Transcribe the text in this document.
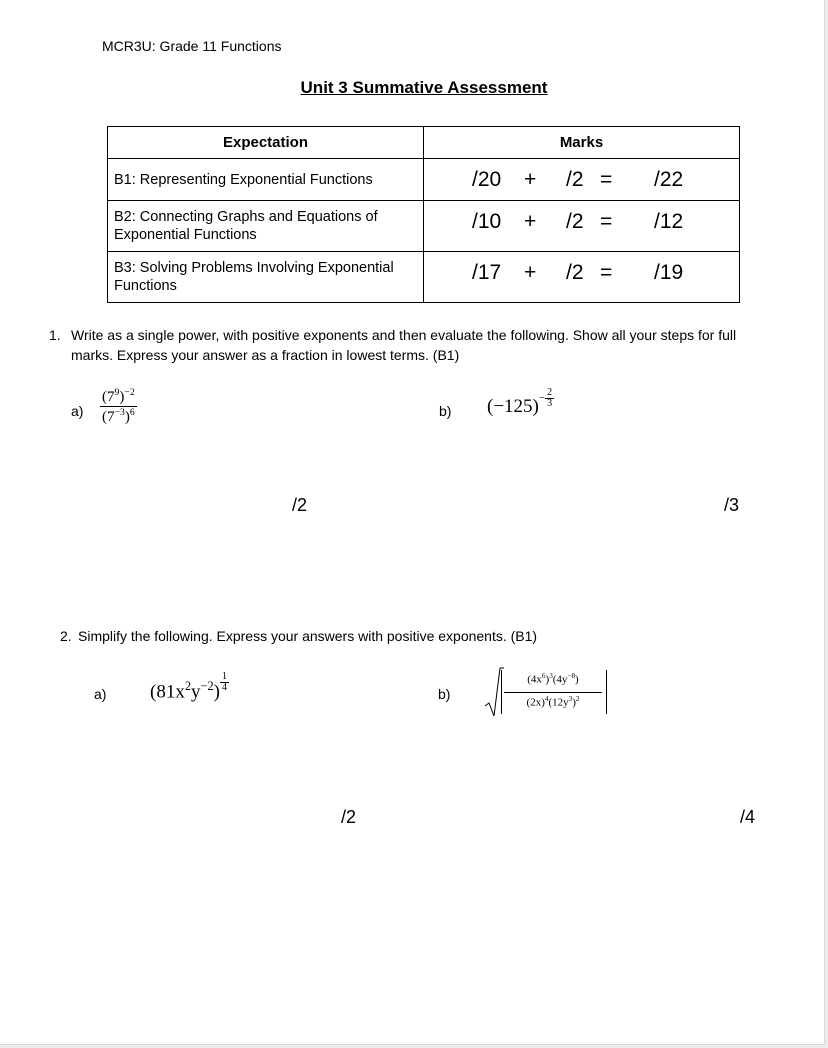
MCR3U: Grade 11 Functions
Unit 3 Summative Assessment
Expectation	Marks
B1: Representing Exponential Functions	/20 + /2 = /22

B2: Connecting Graphs and Equations of Exponential Functions	/10 + /2 = /12

B3: Solving Problems Involving Exponential Functions	/17 + /2 = /19
1. Write as a single power, with positive exponents and then evaluate the following. Show all your steps for full marks. Express your answer as a fraction in lowest terms. (B1)
$a) \frac{(7^9)^{-2}}{(7^{-3})^6}$	b) $(-125)^{- \frac{2}{3}}$
/2	/3
2. Simplify the following. Express your answers with positive exponents. (B1)
a) $(81x^2y^{-2}) \frac{1}{4}$
b)
$(4x^6)^3(4y^{-8})$
$(2x)^4(12y^3)^2$
/2	/4
